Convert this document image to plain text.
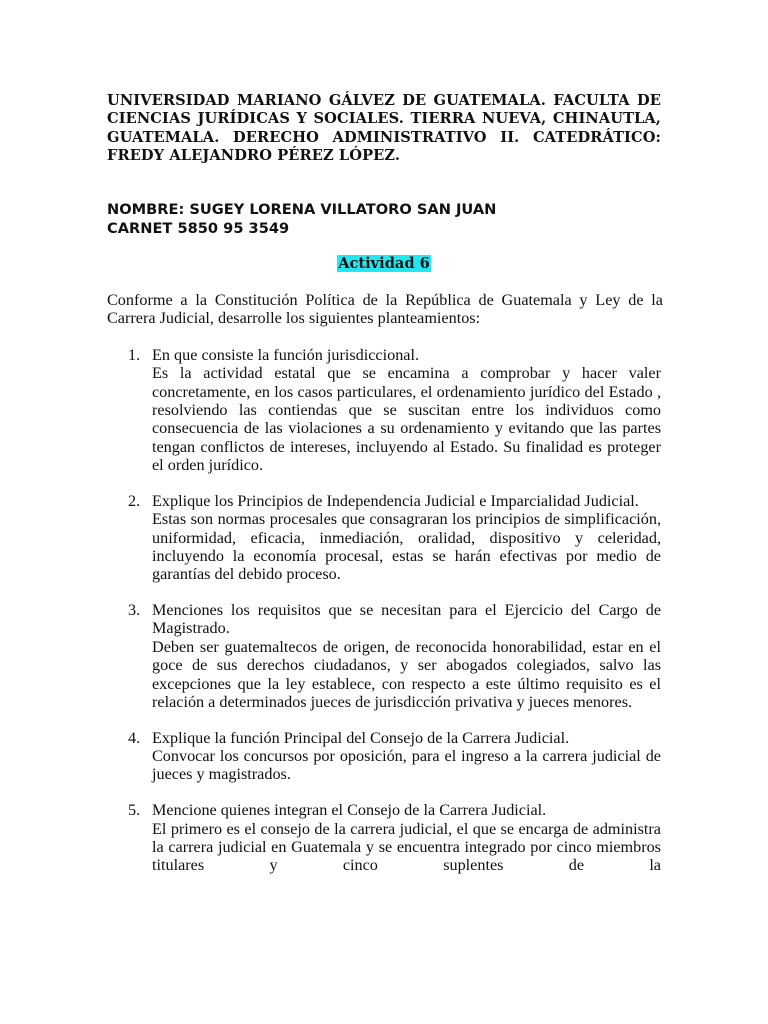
UNIVERSIDAD MARIANO GÁLVEZ DE GUATEMALA. FACULTA DE CIENCIAS JURÍDICAS Y SOCIALES. TIERRA NUEVA, CHINAUTLA, GUATEMALA. DERECHO ADMINISTRATIVO II. CATEDRÁTICO: FREDY ALEJANDRO PÉREZ LÓPEZ.
NOMBRE: SUGEY LORENA VILLATORO SAN JUAN
CARNET 5850 95 3549
Actividad 6
Conforme a la Constitución Política de la República de Guatemala y Ley de la Carrera Judicial, desarrolle los siguientes planteamientos:
1. En que consiste la función jurisdiccional.
Es la actividad estatal que se encamina a comprobar y hacer valer concretamente, en los casos particulares, el ordenamiento jurídico del Estado , resolviendo las contiendas que se suscitan entre los individuos como consecuencia de las violaciones a su ordenamiento y evitando que las partes tengan conflictos de intereses, incluyendo al Estado. Su finalidad es proteger el orden jurídico.
2. Explique los Principios de Independencia Judicial e Imparcialidad Judicial.
Estas son normas procesales que consagraran los principios de simplificación, uniformidad, eficacia, inmediación, oralidad, dispositivo y celeridad, incluyendo la economía procesal, estas se harán efectivas por medio de garantías del debido proceso.
3. Menciones los requisitos que se necesitan para el Ejercicio del Cargo de Magistrado.
Deben ser guatemaltecos de origen, de reconocida honorabilidad, estar en el goce de sus derechos ciudadanos, y ser abogados colegiados, salvo las excepciones que la ley establece, con respecto a este último requisito es el relación a determinados jueces de jurisdicción privativa y jueces menores.
4. Explique la función Principal del Consejo de la Carrera Judicial.
Convocar los concursos por oposición, para el ingreso a la carrera judicial de jueces y magistrados.
5. Mencione quienes integran el Consejo de la Carrera Judicial.
El primero es el consejo de la carrera judicial, el que se encarga de administra la carrera judicial en Guatemala y se encuentra integrado por cinco miembros titulares y cinco suplentes de la
